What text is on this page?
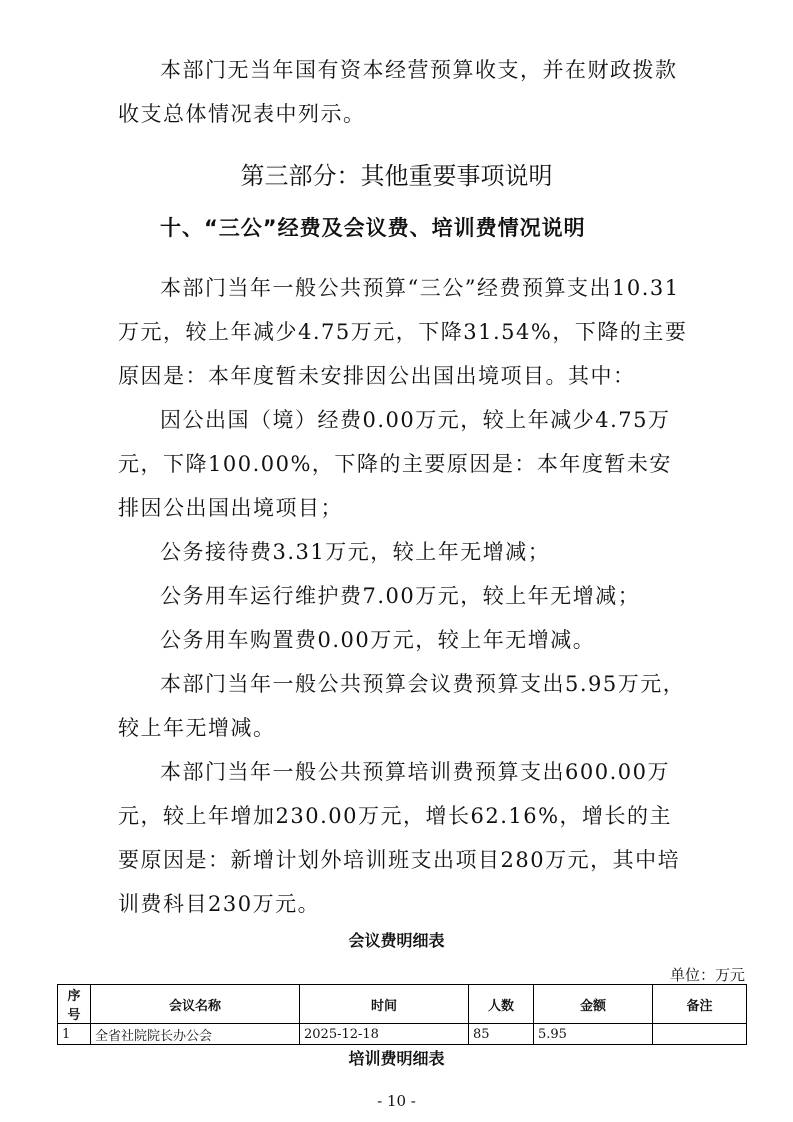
本部门无当年国有资本经营预算收支，并在财政拨款收支总体情况表中列示。

第三部分：其他重要事项说明
十、“三公”经费及会议费、培训费情况说明

本部门当年一般公共预算“三公”经费预算支出10.31万元，较上年减少4.75万元，下降31.54%，下降的主要原因是：本年度暂未安排因公出国出境项目。其中：

因公出国（境）经费0.00万元，较上年减少4.75万元，下降100.00%，下降的主要原因是：本年度暂未安排因公出国出境项目；

公务接待费3.31万元，较上年无增减；

公务用车运行维护费7.00万元，较上年无增减；

公务用车购置费0.00万元，较上年无增减。

本部门当年一般公共预算会议费预算支出5.95万元，较上年无增减。

本部门当年一般公共预算培训费预算支出600.00万元，较上年增加230.00万元，增长62.16%，增长的主要原因是：新增计划外培训班支出项目280万元，其中培训费科目230万元。

会议费明细表
单位：万元
序号	会议名称	时间	人数	金额	备注
1	全省社院院长办公会	2025-12-18	85	5.95	
培训费明细表
- 10 -
